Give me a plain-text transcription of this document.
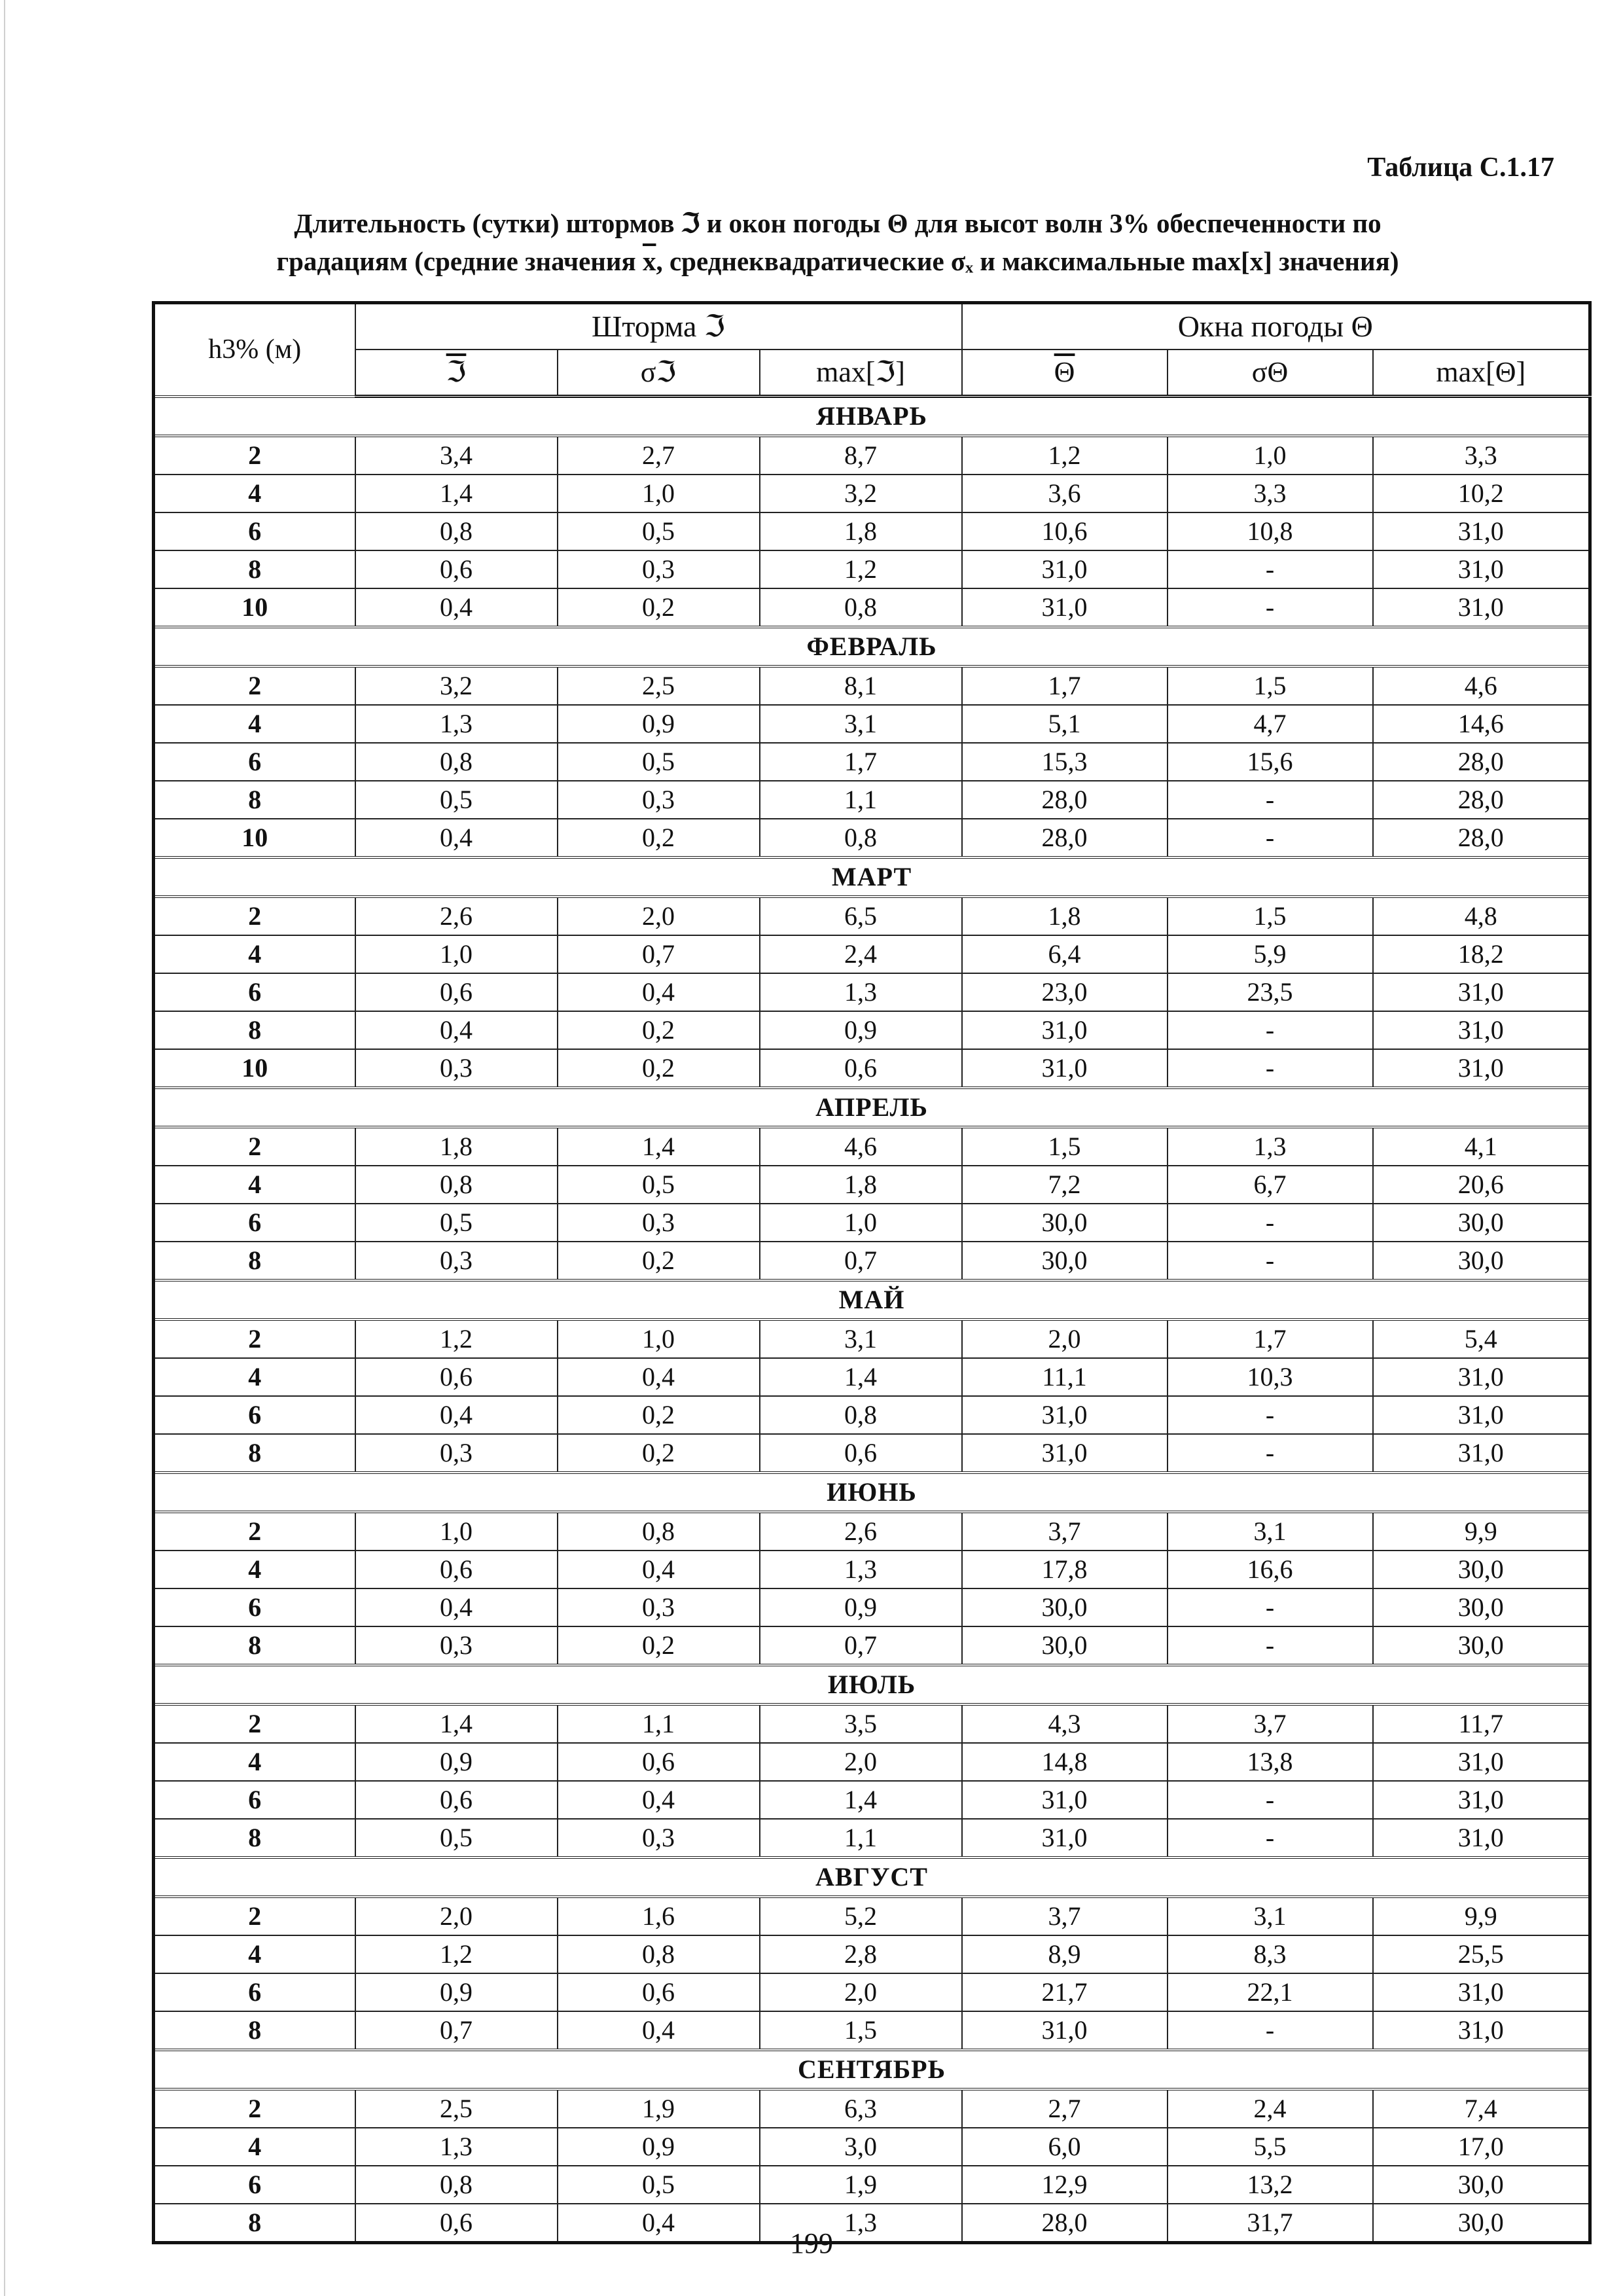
Таблица С.1.17
Длительность (сутки) штормов ℑ и окон погоды Θ для высот волн 3% обеспеченности по
градациям (средние значения $\overline{x}$, среднеквадратические σₓ и максимальные max[x] значения)
h3% (м)	Шторма ℑ			Окна погоды Θ		
	ℑ	σℑ	max[ℑ]	$\overline{\Theta}$	σΘ	max[Θ]
ЯНВАРЬ						
2	3,4	2,7	8,7	1,2	1,0	3,3
4	1,4	1,0	3,2	3,6	3,3	10,2
6	0,8	0,5	1,8	10,6	10,8	31,0
8	0,6	0,3	1,2	31,0	-	31,0
10	0,4	0,2	0,8	31,0	-	31,0
ФЕВРАЛЬ						
2	3,2	2,5	8,1	1,7	1,5	4,6
4	1,3	0,9	3,1	5,1	4,7	14,6
6	0,8	0,5	1,7	15,3	15,6	28,0
8	0,5	0,3	1,1	28,0	-	28,0
10	0,4	0,2	0,8	28,0	-	28,0
МАРТ						
2	2,6	2,0	6,5	1,8	1,5	4,8
4	1,0	0,7	2,4	6,4	5,9	18,2
6	0,6	0,4	1,3	23,0	23,5	31,0
8	0,4	0,2	0,9	31,0	-	31,0
10	0,3	0,2	0,6	31,0	-	31,0
АПРЕЛЬ						
2	1,8	1,4	4,6	1,5	1,3	4,1
4	0,8	0,5	1,8	7,2	6,7	20,6
6	0,5	0,3	1,0	30,0	-	30,0
8	0,3	0,2	0,7	30,0	-	30,0
МАЙ						
2	1,2	1,0	3,1	2,0	1,7	5,4
4	0,6	0,4	1,4	11,1	10,3	31,0
6	0,4	0,2	0,8	31,0	-	31,0
8	0,3	0,2	0,6	31,0	-	31,0
ИЮНЬ						
2	1,0	0,8	2,6	3,7	3,1	9,9
4	0,6	0,4	1,3	17,8	16,6	30,0
6	0,4	0,3	0,9	30,0	-	30,0
8	0,3	0,2	0,7	30,0	-	30,0
ИЮЛЬ						
2	1,4	1,1	3,5	4,3	3,7	11,7
4	0,9	0,6	2,0	14,8	13,8	31,0
6	0,6	0,4	1,4	31,0	-	31,0
8	0,5	0,3	1,1	31,0	-	31,0
АВГУСТ						
2	2,0	1,6	5,2	3,7	3,1	9,9
4	1,2	0,8	2,8	8,9	8,3	25,5
6	0,9	0,6	2,0	21,7	22,1	31,0
8	0,7	0,4	1,5	31,0	-	31,0
СЕНТЯБРЬ						
2	2,5	1,9	6,3	2,7	2,4	7,4
4	1,3	0,9	3,0	6,0	5,5	17,0
6	0,8	0,5	1,9	12,9	13,2	30,0
8	0,6	0,4	1,3	28,0	31,7	30,0
199
